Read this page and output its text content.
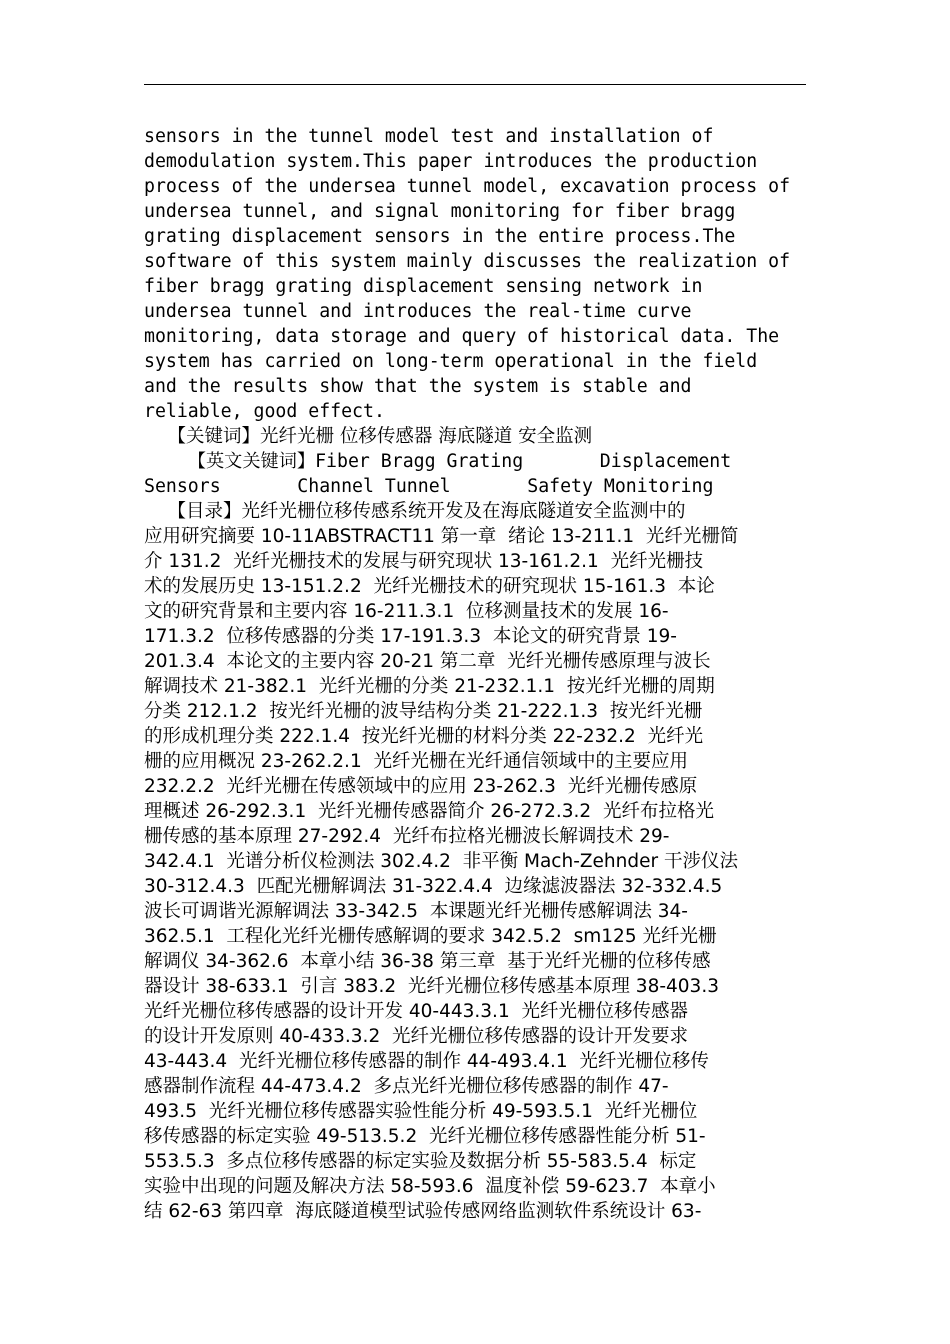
sensors in the tunnel model test and installation of
demodulation system.This paper introduces the production
process of the undersea tunnel model, excavation process of
undersea tunnel, and signal monitoring for fiber bragg
grating displacement sensors in the entire process.The
software of this system mainly discusses the realization of
fiber bragg grating displacement sensing network in
undersea tunnel and introduces the real-time curve
monitoring, data storage and query of historical data. The
system has carried on long-term operational in the field
and the results show that the system is stable and
reliable, good effect.
【关键词】光纤光栅 位移传感器 海底隧道 安全监测
【英文关键词】Fiber Bragg Grating       Displacement
Sensors       Channel Tunnel       Safety Monitoring
【目录】光纤光栅位移传感系统开发及在海底隧道安全监测中的
应用研究摘要 10-11ABSTRACT11 第一章  绪论 13-211.1  光纤光栅简
介 131.2  光纤光栅技术的发展与研究现状 13-161.2.1  光纤光栅技
术的发展历史 13-151.2.2  光纤光栅技术的研究现状 15-161.3  本论
文的研究背景和主要内容 16-211.3.1  位移测量技术的发展 16-
171.3.2  位移传感器的分类 17-191.3.3  本论文的研究背景 19-
201.3.4  本论文的主要内容 20-21 第二章  光纤光栅传感原理与波长
解调技术 21-382.1  光纤光栅的分类 21-232.1.1  按光纤光栅的周期
分类 212.1.2  按光纤光栅的波导结构分类 21-222.1.3  按光纤光栅
的形成机理分类 222.1.4  按光纤光栅的材料分类 22-232.2  光纤光
栅的应用概况 23-262.2.1  光纤光栅在光纤通信领域中的主要应用
232.2.2  光纤光栅在传感领域中的应用 23-262.3  光纤光栅传感原
理概述 26-292.3.1  光纤光栅传感器简介 26-272.3.2  光纤布拉格光
栅传感的基本原理 27-292.4  光纤布拉格光栅波长解调技术 29-
342.4.1  光谱分析仪检测法 302.4.2  非平衡 Mach-Zehnder 干涉仪法
30-312.4.3  匹配光栅解调法 31-322.4.4  边缘滤波器法 32-332.4.5
波长可调谐光源解调法 33-342.5  本课题光纤光栅传感解调法 34-
362.5.1  工程化光纤光栅传感解调的要求 342.5.2  sm125 光纤光栅
解调仪 34-362.6  本章小结 36-38 第三章  基于光纤光栅的位移传感
器设计 38-633.1  引言 383.2  光纤光栅位移传感基本原理 38-403.3
光纤光栅位移传感器的设计开发 40-443.3.1  光纤光栅位移传感器
的设计开发原则 40-433.3.2  光纤光栅位移传感器的设计开发要求
43-443.4  光纤光栅位移传感器的制作 44-493.4.1  光纤光栅位移传
感器制作流程 44-473.4.2  多点光纤光栅位移传感器的制作 47-
493.5  光纤光栅位移传感器实验性能分析 49-593.5.1  光纤光栅位
移传感器的标定实验 49-513.5.2  光纤光栅位移传感器性能分析 51-
553.5.3  多点位移传感器的标定实验及数据分析 55-583.5.4  标定
实验中出现的问题及解决方法 58-593.6  温度补偿 59-623.7  本章小
结 62-63 第四章  海底隧道模型试验传感网络监测软件系统设计 63-
